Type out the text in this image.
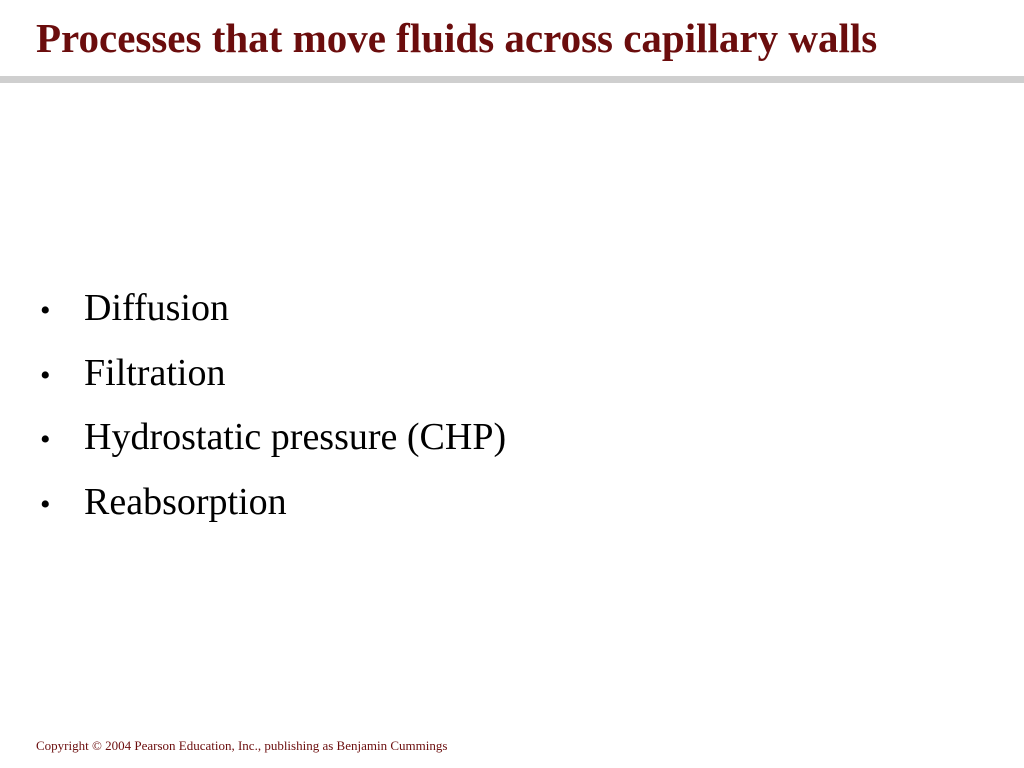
Processes that move fluids across capillary walls
• Diffusion
• Filtration
• Hydrostatic pressure (CHP)
• Reabsorption
Copyright © 2004 Pearson Education, Inc., publishing as Benjamin Cummings
